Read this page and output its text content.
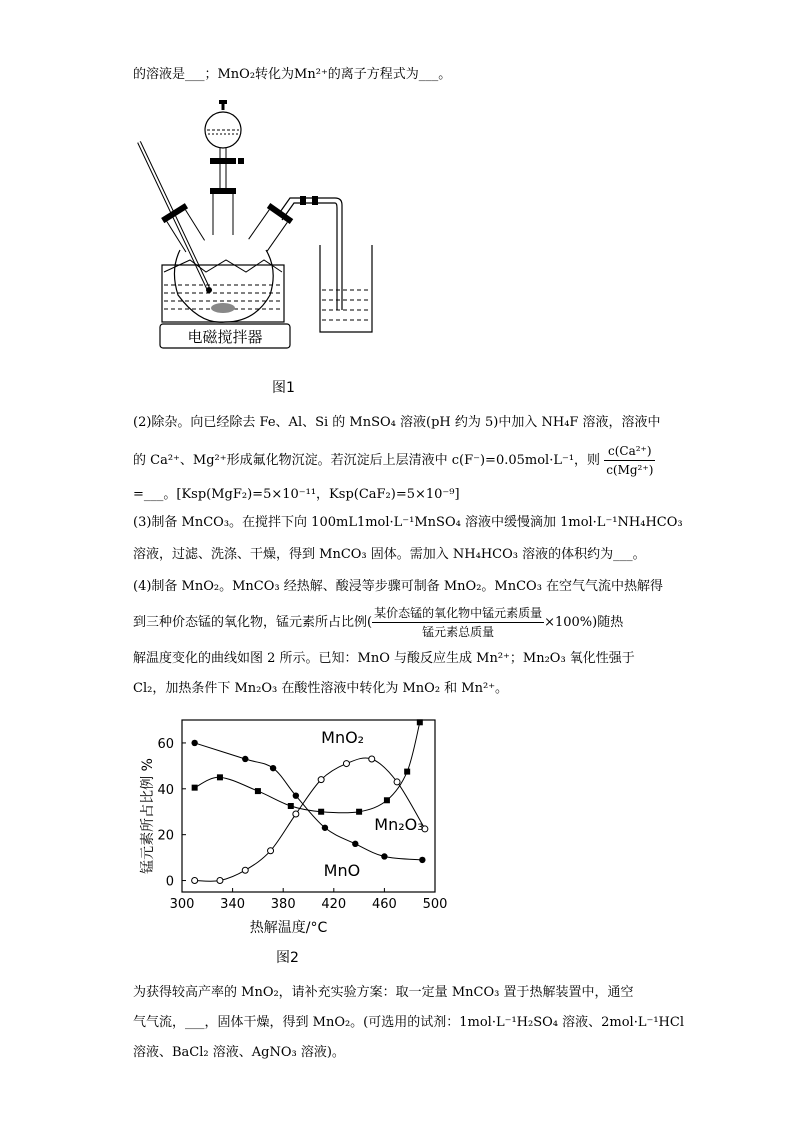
的溶液是___；MnO₂转化为Mn²⁺的离子方程式为___。
电磁搅拌器
图1
(2)除杂。向已经除去 Fe、Al、Si 的 MnSO₄ 溶液(pH 约为 5)中加入 NH₄F 溶液，溶液中
的 Ca²⁺、Mg²⁺形成氟化物沉淀。若沉淀后上层清液中 c(F⁻)=0.05mol·L⁻¹，则 $\frac{\text{c(Ca²⁺)}}{\text{c(Mg²⁺)}}$
=___。[Ksp(MgF₂)=5×10⁻¹¹，Ksp(CaF₂)=5×10⁻⁹]
(3)制备 MnCO₃。在搅拌下向 100mL1mol·L⁻¹MnSO₄ 溶液中缓慢滴加 1mol·L⁻¹NH₄HCO₃
溶液，过滤、洗涤、干燥，得到 MnCO₃ 固体。需加入 NH₄HCO₃ 溶液的体积约为___。
(4)制备 MnO₂。MnCO₃ 经热解、酸浸等步骤可制备 MnO₂。MnCO₃ 在空气气流中热解得
到三种价态锰的氧化物，锰元素所占比例( $\frac{\text{某价态锰的氧化物中锰元素质量}}{\text{锰元素总质量}} \times 100\%$)随热
解温度变化的曲线如图 2 所示。已知：MnO 与酸反应生成 Mn²⁺；Mn₂O₃ 氧化性强于
Cl₂，加热条件下 Mn₂O₃ 在酸性溶液中转化为 MnO₂ 和 Mn²⁺。
300 340 380 420 460 500
0
20
40
60
热解温度/°C
锰元素所占比例 %
MnO₂
Mn₂O₃
MnO
图2
为获得较高产率的 MnO₂，请补充实验方案：取一定量 MnCO₃ 置于热解装置中，通空
气气流，___，固体干燥，得到 MnO₂。(可选用的试剂：1mol·L⁻¹H₂SO₄ 溶液、2mol·L⁻¹HCl
溶液、BaCl₂ 溶液、AgNO₃ 溶液)。
